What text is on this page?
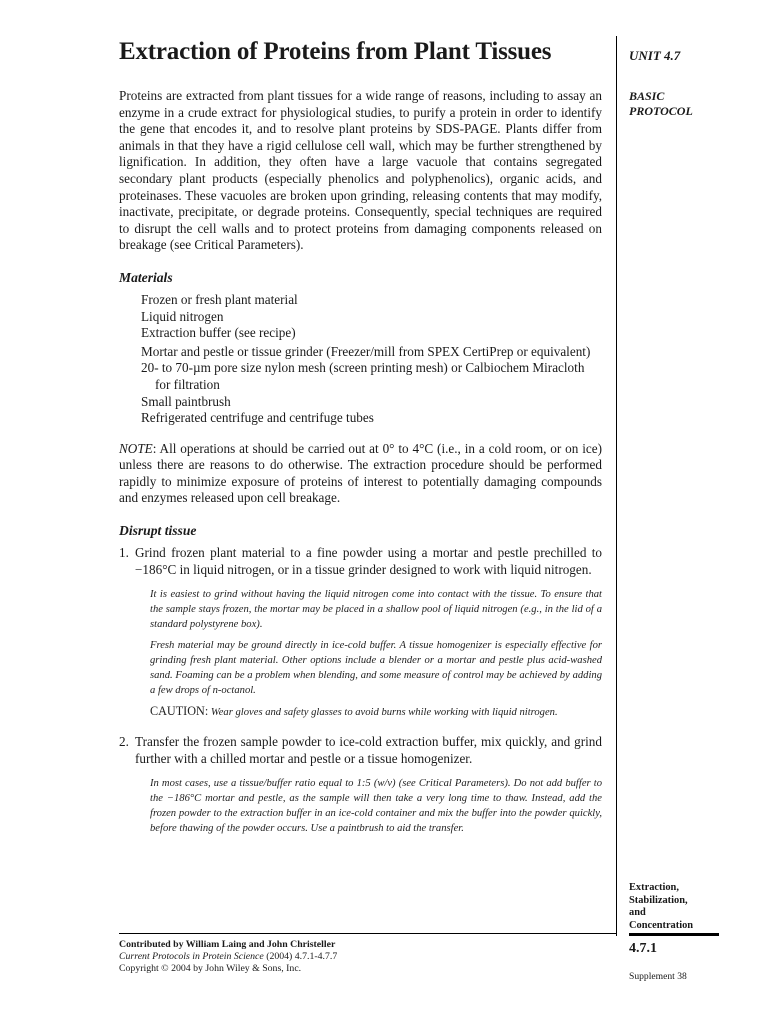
Extraction of Proteins from Plant Tissues

Proteins are extracted from plant tissues for a wide range of reasons, including to assay an enzyme in a crude extract for physiological studies, to purify a protein in order to identify the gene that encodes it, and to resolve plant proteins by SDS-PAGE. Plants differ from animals in that they have a rigid cellulose cell wall, which may be further strengthened by lignification. In addition, they often have a large vacuole that contains segregated secondary plant products (especially phenolics and polyphenolics), organic acids, and proteinases. These vacuoles are broken upon grinding, releasing contents that may modify, inactivate, precipitate, or degrade proteins. Consequently, special techniques are required to disrupt the cell walls and to protect proteins from damaging components released on breakage (see Critical Parameters).

Materials
Frozen or fresh plant material
Liquid nitrogen
Extraction buffer (see recipe)
Mortar and pestle or tissue grinder (Freezer/mill from SPEX CertiPrep or equivalent)
20- to 70-µm pore size nylon mesh (screen printing mesh) or Calbiochem Miracloth for filtration
Small paintbrush
Refrigerated centrifuge and centrifuge tubes

NOTE: All operations at should be carried out at 0° to 4°C (i.e., in a cold room, or on ice) unless there are reasons to do otherwise. The extraction procedure should be performed rapidly to minimize exposure of proteins of interest to potentially damaging compounds and enzymes released upon cell breakage.

Disrupt tissue
1. Grind frozen plant material to a fine powder using a mortar and pestle prechilled to −186°C in liquid nitrogen, or in a tissue grinder designed to work with liquid nitrogen.

It is easiest to grind without having the liquid nitrogen come into contact with the tissue. To ensure that the sample stays frozen, the mortar may be placed in a shallow pool of liquid nitrogen (e.g., in the lid of a standard polystyrene box).

Fresh material may be ground directly in ice-cold buffer. A tissue homogenizer is especially effective for grinding fresh plant material. Other options include a blender or a mortar and pestle plus acid-washed sand. Foaming can be a problem when blending, and some measure of control may be achieved by adding a few drops of n-octanol.

CAUTION: Wear gloves and safety glasses to avoid burns while working with liquid nitrogen.

2. Transfer the frozen sample powder to ice-cold extraction buffer, mix quickly, and grind further with a chilled mortar and pestle or a tissue homogenizer.

In most cases, use a tissue/buffer ratio equal to 1:5 (w/v) (see Critical Parameters). Do not add buffer to the −186°C mortar and pestle, as the sample will then take a very long time to thaw. Instead, add the frozen powder to the extraction buffer in an ice-cold container and mix the buffer into the powder quickly, before thawing of the powder occurs. Use a paintbrush to aid the transfer.

UNIT 4.7
BASIC
PROTOCOL
Extraction,
Stabilization,
and
Concentration
4.7.1
Supplement 38
Contributed by William Laing and John Christeller
Current Protocols in Protein Science (2004) 4.7.1-4.7.7
Copyright © 2004 by John Wiley & Sons, Inc.
